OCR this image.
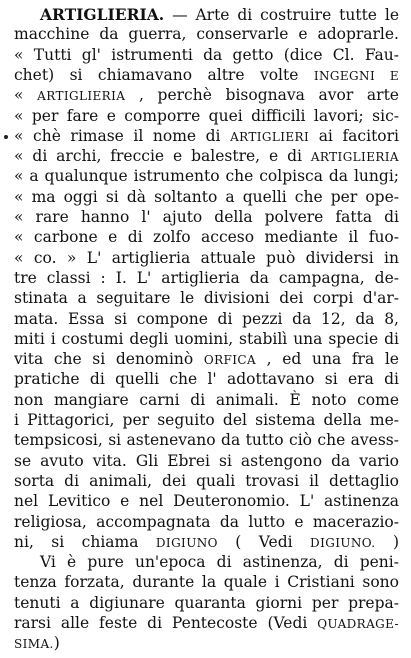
ARTIGLIERIA. — Arte di costruire tutte le
macchine da guerra, conservarle e adoprarle.
« Tutti gl' istrumenti da getto (dice Cl. Fau-
chet) si chiamavano altre volte INGEGNI E
« ARTIGLIERIA , perchè bisognava avor arte
« per fare e comporre quei difficili lavori; sic-
« chè rimase il nome di ARTIGLIERI ai facitori
« di archi, freccie e balestre, e di ARTIGLIERIA
« a qualunque istrumento che colpisca da lungi;
« ma oggi si dà soltanto a quelli che per ope-
« rare hanno l' ajuto della polvere fatta di
« carbone e di zolfo acceso mediante il fuo-
« co. » L' artiglieria attuale può dividersi in
tre classi : I. L' artiglieria da campagna, de-
stinata a seguitare le divisioni dei corpi d'ar-
mata. Essa si compone di pezzi da 12, da 8,
miti i costumi degli uomini, stabilì una specie di
vita che si denominò ORFICA , ed una fra le
pratiche di quelli che l' adottavano si era di
non mangiare carni di animali. È noto come
i Pittagorici, per seguito del sistema della me-
tempsicosi, si astenevano da tutto ciò che avess-
se avuto vita. Gli Ebrei si astengono da vario
sorta di animali, dei quali trovasi il dettaglio
nel Levitico e nel Deuteronomio. L' astinenza
religiosa, accompagnata da lutto e macerazio-
ni, si chiama DIGIUNO ( Vedi DIGIUNO. )
Vi è pure un'epoca di astinenza, di peni-
tenza forzata, durante la quale i Cristiani sono
tenuti a digiunare quaranta giorni per prepa-
rarsi alle feste di Pentecoste (Vedi QUADRAGE-
SIMA.)
